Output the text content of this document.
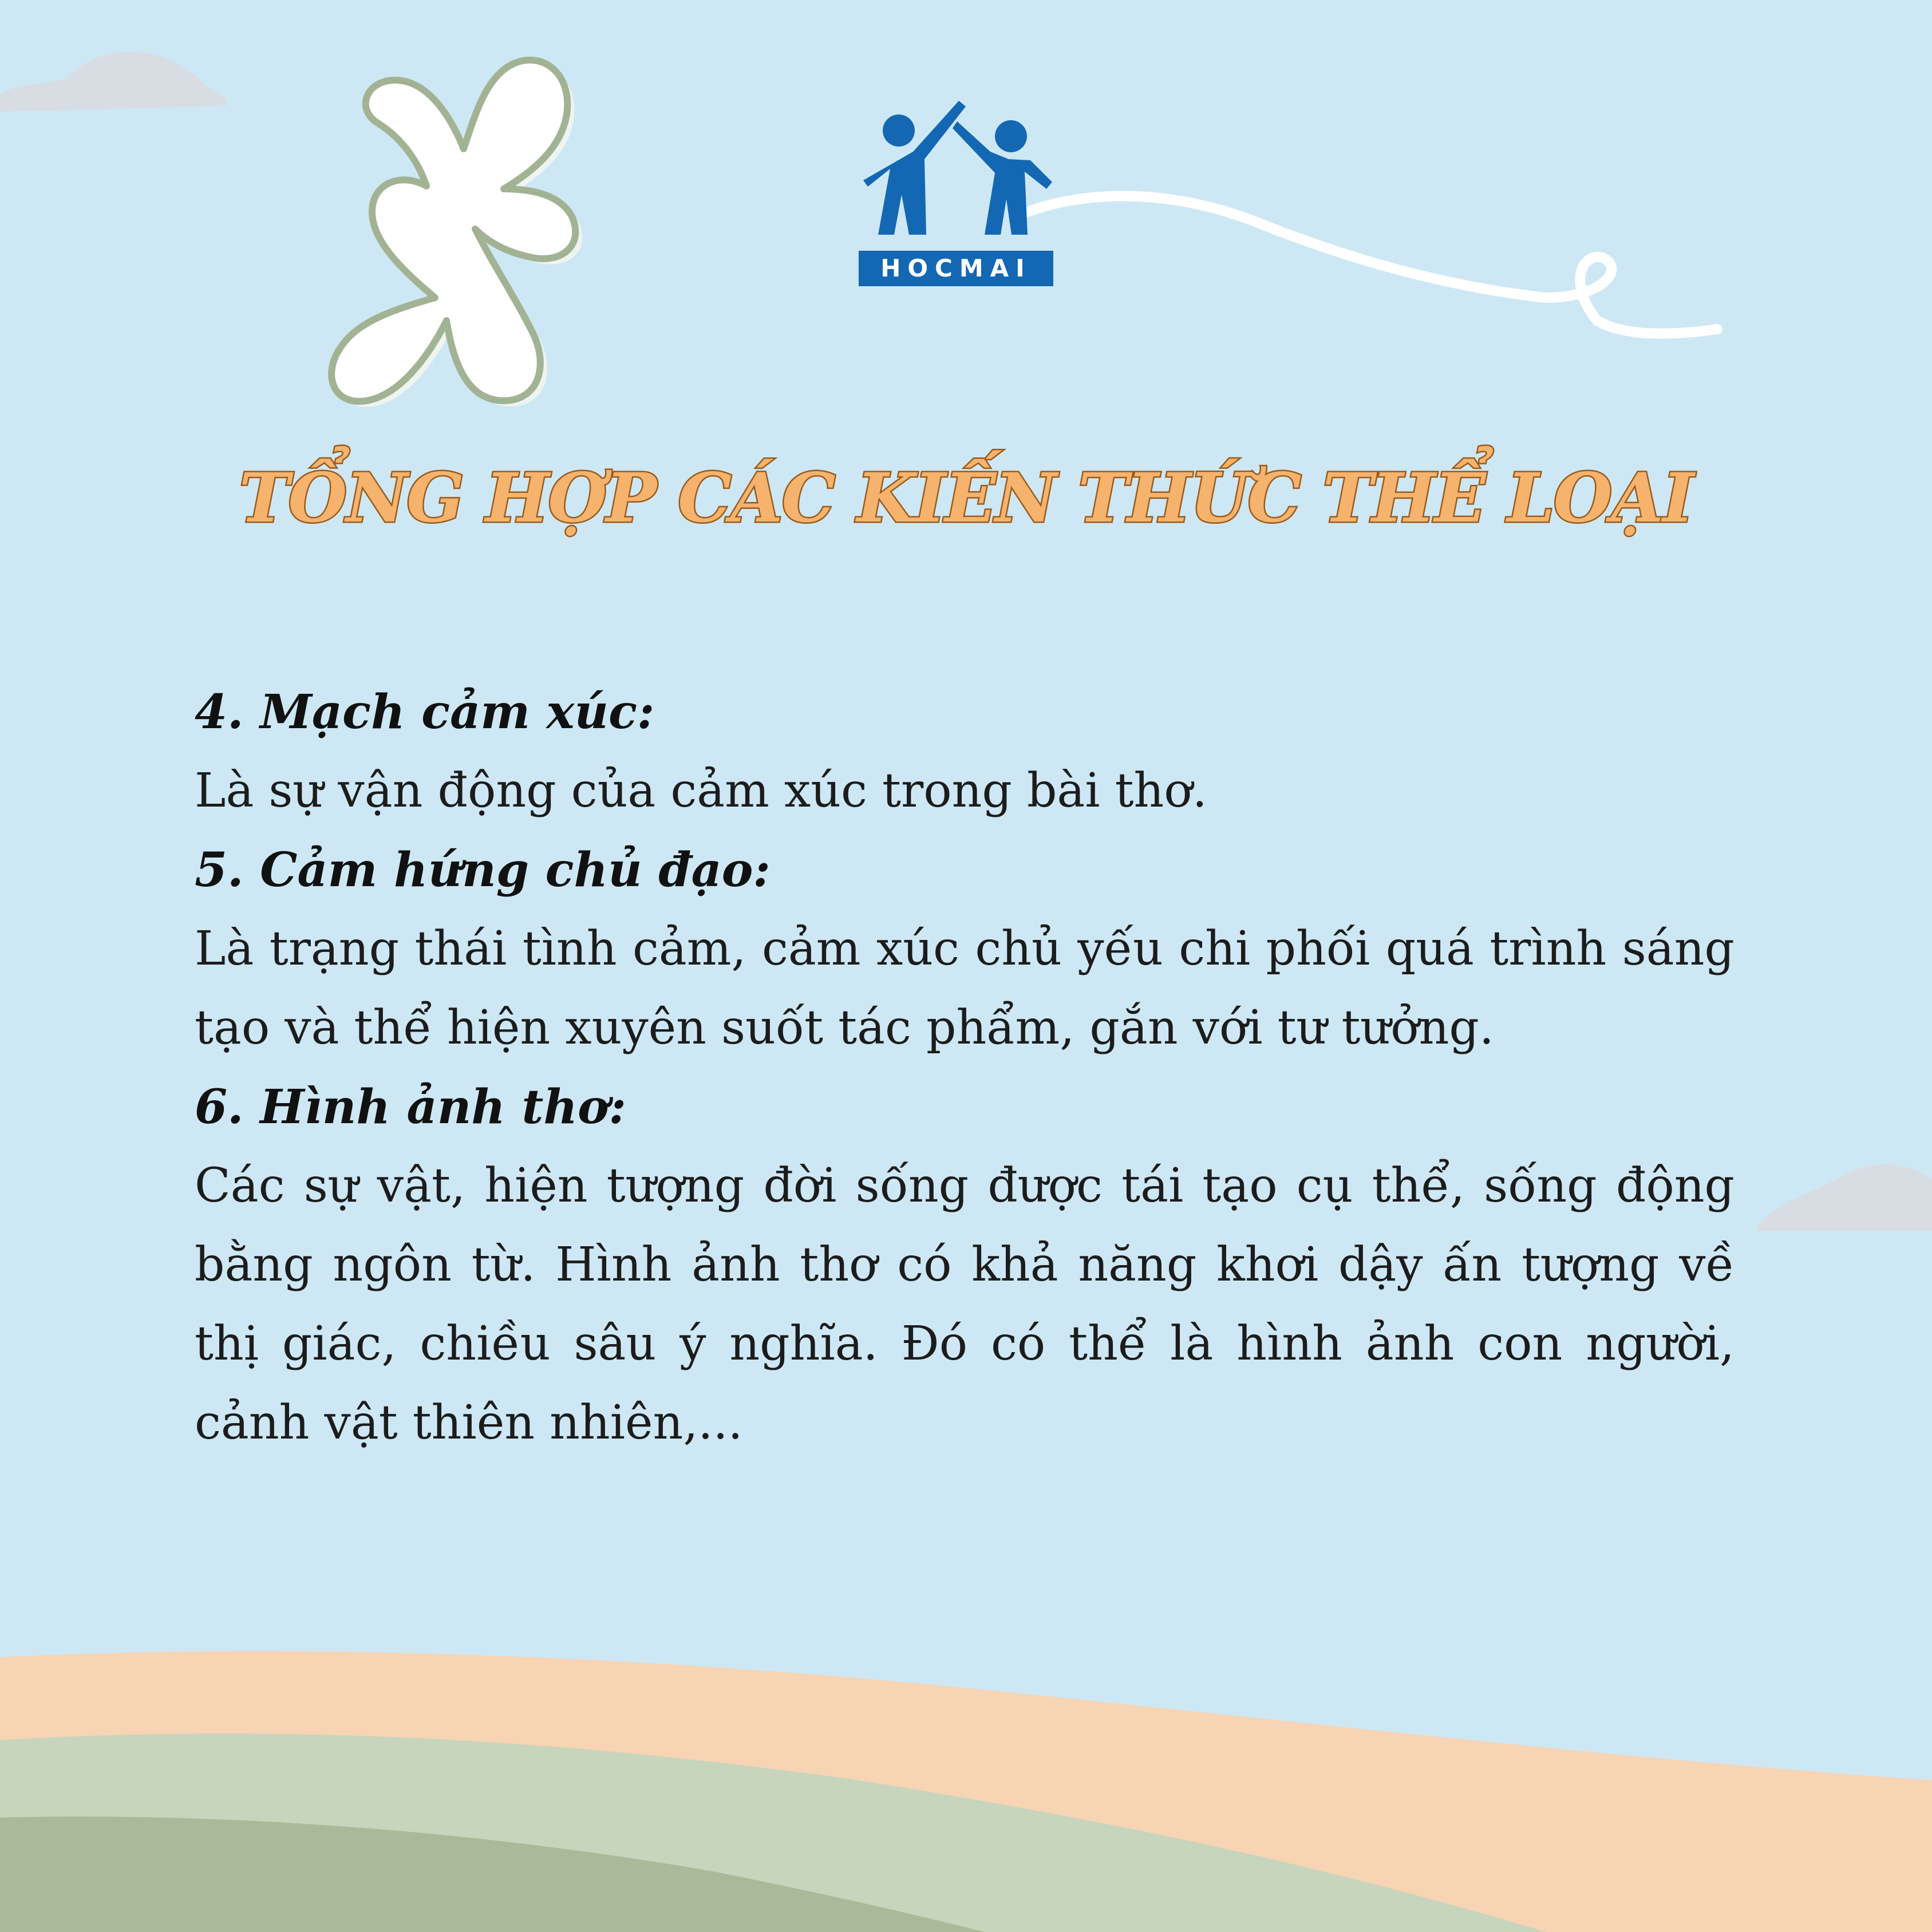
HOCMAI
TỔNG HỢP CÁC KIẾN THỨC THỂ LOẠI
4. Mạch cảm xúc:

Là sự vận động của cảm xúc trong bài thơ.

5. Cảm hứng chủ đạo:

Là trạng thái tình cảm, cảm xúc chủ yếu chi phối quá trình sáng tạo và thể hiện xuyên suốt tác phẩm, gắn với tư tưởng.

6. Hình ảnh thơ:

Các sự vật, hiện tượng đời sống được tái tạo cụ thể, sống động bằng ngôn từ. Hình ảnh thơ có khả năng khơi dậy ấn tượng về thị giác, chiều sâu ý nghĩa. Đó có thể là hình ảnh con người, cảnh vật thiên nhiên,...
